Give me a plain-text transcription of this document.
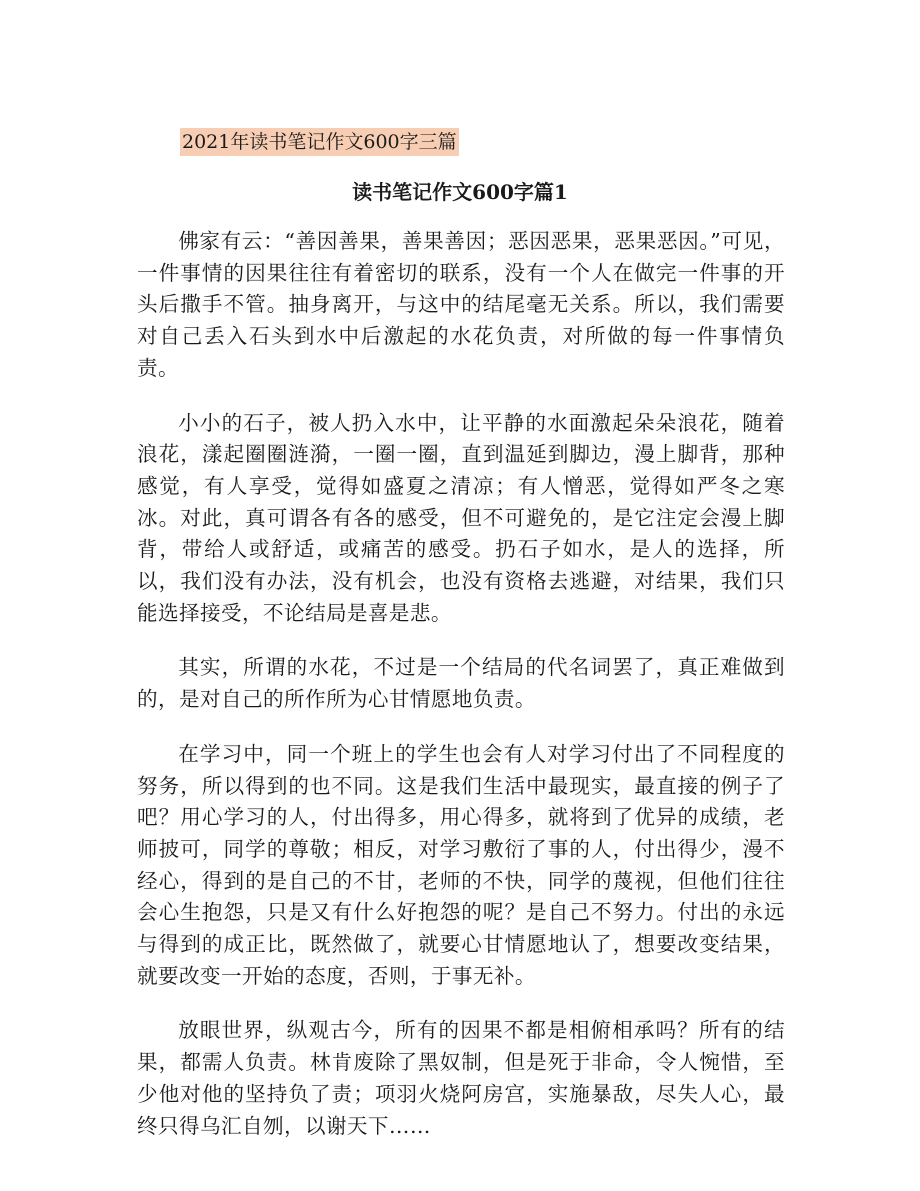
2021年读书笔记作文600字三篇
读书笔记作文600字篇1

佛家有云：“善因善果，善果善因；恶因恶果，恶果恶因。”可见，一件事情的因果往往有着密切的联系，没有一个人在做完一件事的开头后撒手不管。抽身离开，与这中的结尾毫无关系。所以，我们需要对自己丢入石头到水中后激起的水花负责，对所做的每一件事情负责。

小小的石子，被人扔入水中，让平静的水面激起朵朵浪花，随着浪花，漾起圈圈涟漪，一圈一圈，直到温延到脚边，漫上脚背，那种感觉，有人享受，觉得如盛夏之清凉；有人憎恶，觉得如严冬之寒冰。对此，真可谓各有各的感受，但不可避免的，是它注定会漫上脚背，带给人或舒适，或痛苦的感受。扔石子如水，是人的选择，所以，我们没有办法，没有机会，也没有资格去逃避，对结果，我们只能选择接受，不论结局是喜是悲。

其实，所谓的水花，不过是一个结局的代名词罢了，真正难做到的，是对自己的所作所为心甘情愿地负责。

在学习中，同一个班上的学生也会有人对学习付出了不同程度的努务，所以得到的也不同。这是我们生活中最现实，最直接的例子了吧？用心学习的人，付出得多，用心得多，就将到了优异的成绩，老师披可，同学的尊敬；相反，对学习敷衍了事的人，付出得少，漫不经心，得到的是自己的不甘，老师的不快，同学的蔑视，但他们往往会心生抱怨，只是又有什么好抱怨的呢？是自己不努力。付出的永远与得到的成正比，既然做了，就要心甘情愿地认了，想要改变结果，就要改变一开始的态度，否则，于事无补。

放眼世界，纵观古今，所有的因果不都是相俯相承吗？所有的结果，都需人负责。林肯废除了黑奴制，但是死于非命，令人惋惜，至少他对他的坚持负了责；项羽火烧阿房宫，实施暴敌，尽失人心，最终只得乌汇自刎，以谢天下……
